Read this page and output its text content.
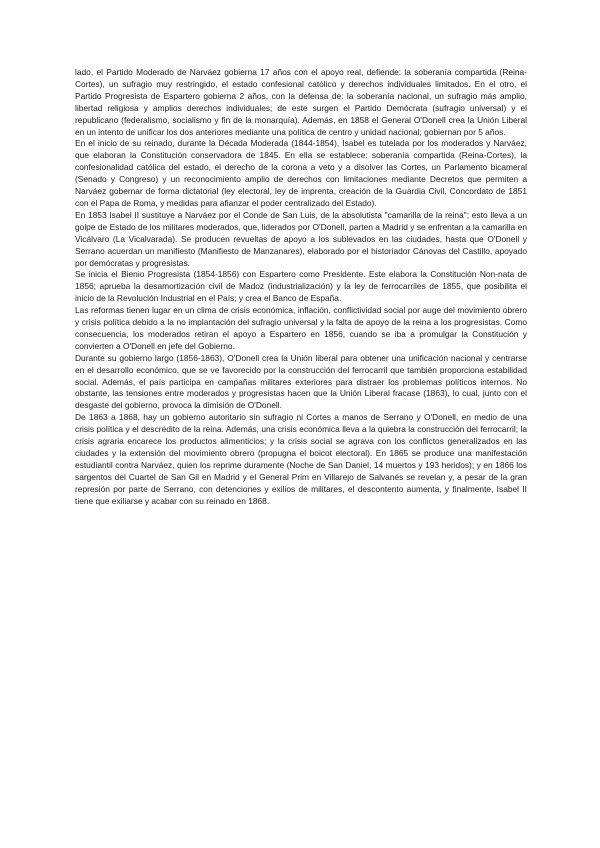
lado, el Partido Moderado de Narváez gobierna 17 años con el apoyo real, defiende: la soberanía compartida (Reina-Cortes), un sufragio muy restringido, el estado confesional católico y derechos individuales limitados. En el otro, el Partido Progresista de Espartero gobierna 2 años, con la defensa de: la soberanía nacional, un sufragio más amplio, libertad religiosa y amplios derechos individuales; de este surgen el Partido Demócrata (sufragio universal) y el republicano (federalismo, socialismo y fin de la monarquía). Además, en 1858 el General O'Donell crea la Unión Liberal en un intento de unificar los dos anteriores mediante una política de centro y unidad nacional; gobiernan por 5 años.

En el inicio de su reinado, durante la Década Moderada (1844-1854), Isabel es tutelada por los moderados y Narváez, que elaboran la Constitución conservadora de 1845. En ella se establece: soberanía compartida (Reina-Cortes), la confesionalidad católica del estado, el derecho de la corona a veto y a disolver las Cortes, un Parlamento bicameral (Senado y Congreso) y un reconocimiento amplio de derechos con limitaciones mediante Decretos que permiten a Narváez gobernar de forma dictatorial (ley electoral, ley de imprenta, creación de la Guardia Civil, Concordato de 1851 con el Papa de Roma, y medidas para afianzar el poder centralizado del Estado).

En 1853 Isabel II sustituye a Narváez por el Conde de San Luis, de la absolutista "camarilla de la reina"; esto lleva a un golpe de Estado de los militares moderados, que, liderados por O'Donell, parten a Madrid y se enfrentan a la camarilla en Vicálvaro (La Vicalvarada). Se producen revueltas de apoyo a los sublevados en las ciudades, hasta que O'Donell y Serrano acuerdan un manifiesto (Manifiesto de Manzanares), elaborado por el historiador Cánovas del Castillo, apoyado por demócratas y progresistas.

Se inicia el Bienio Progresista (1854-1856) con Espartero como Presidente. Este elabora la Constitución Non-nata de 1856; aprueba la desamortización civil de Madoz (industrialización) y la ley de ferrocarriles de 1855, que posibilita el inicio de la Revolución Industrial en el País; y crea el Banco de España.

Las reformas tienen lugar en un clima de crisis económica, inflación, conflictividad social por auge del movimiento obrero y crisis política debido a la no implantación del sufragio universal y la falta de apoyo de la reina a los progresistas. Como consecuencia, los moderados retiran el apoyo a Espartero en 1856, cuando se iba a promulgar la Constitución y convierten a O'Donell en jefe del Gobierno.

Durante su gobierno largo (1856-1863), O'Donell crea la Unión liberal para obtener una unificación nacional y centrarse en el desarrollo económico, que se ve favorecido por la construcción del ferrocarril que también proporciona estabilidad social. Además, el país participa en campañas militares exteriores para distraer los problemas políticos internos. No obstante, las tensiones entre moderados y progresistas hacen que la Unión Liberal fracase (1863), lo cual, junto con el desgaste del gobierno, provoca la dimisión de O'Donell.

De 1863 a 1868, hay un gobierno autoritario sin sufragio ni Cortes a manos de Serrano y O'Donell, en medio de una crisis política y el descrédito de la reina. Además, una crisis económica lleva a la quiebra la construcción del ferrocarril; la crisis agraria encarece los productos alimenticios; y la crisis social se agrava con los conflictos generalizados en las ciudades y la extensión del movimiento obrero (propugna el boicot electoral). En 1865 se produce una manifestación estudiantil contra Narváez, quien los reprime duramente (Noche de San Daniel, 14 muertos y 193 heridos); y en 1866 los sargentos del Cuartel de San Gil en Madrid y el General Prim en Villarejo de Salvanés se revelan y, a pesar de la gran represión por parte de Serrano, con detenciones y exilios de militares, el descontento aumenta, y finalmente, Isabel II tiene que exiliarse y acabar con su reinado en 1868.
